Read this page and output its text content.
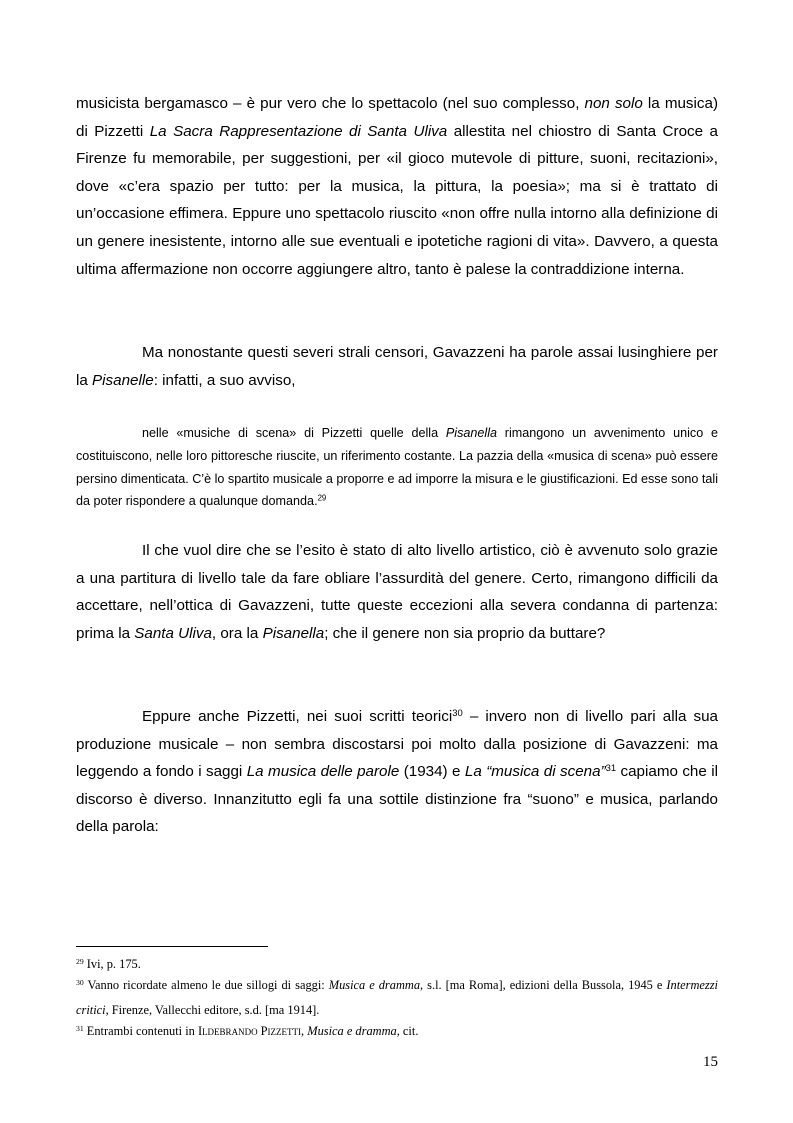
musicista bergamasco – è pur vero che lo spettacolo (nel suo complesso, non solo la musica) di Pizzetti La Sacra Rappresentazione di Santa Uliva allestita nel chiostro di Santa Croce a Firenze fu memorabile, per suggestioni, per «il gioco mutevole di pitture, suoni, recitazioni», dove «c’era spazio per tutto: per la musica, la pittura, la poesia»; ma si è trattato di un’occasione effimera. Eppure uno spettacolo riuscito «non offre nulla intorno alla definizione di un genere inesistente, intorno alle sue eventuali e ipotetiche ragioni di vita». Davvero, a questa ultima affermazione non occorre aggiungere altro, tanto è palese la contraddizione interna.

Ma nonostante questi severi strali censori, Gavazzeni ha parole assai lusinghiere per la Pisanelle: infatti, a suo avviso,

nelle «musiche di scena» di Pizzetti quelle della Pisanella rimangono un avvenimento unico e costituiscono, nelle loro pittoresche riuscite, un riferimento costante. La pazzia della «musica di scena» può essere persino dimenticata. C’è lo spartito musicale a proporre e ad imporre la misura e le giustificazioni. Ed esse sono tali da poter rispondere a qualunque domanda.$^{29}$

Il che vuol dire che se l’esito è stato di alto livello artistico, ciò è avvenuto solo grazie a una partitura di livello tale da fare obliare l’assurdità del genere. Certo, rimangono difficili da accettare, nell’ottica di Gavazzeni, tutte queste eccezioni alla severa condanna di partenza: prima la Santa Uliva, ora la Pisanella; che il genere non sia proprio da buttare?

Eppure anche Pizzetti, nei suoi scritti teorici$^{30}$ – invero non di livello pari alla sua produzione musicale – non sembra discostarsi poi molto dalla posizione di Gavazzeni: ma leggendo a fondo i saggi La musica delle parole (1934) e La “musica di scena”$^{31}$ capiamo che il discorso è diverso. Innanzitutto egli fa una sottile distinzione fra “suono” e musica, parlando della parola:

$^{29}$ Ivi, p. 175.

$^{30}$ Vanno ricordate almeno le due sillogi di saggi: Musica e dramma, s.l. [ma Roma], edizioni della Bussola, 1945 e Intermezzi critici, Firenze, Vallecchi editore, s.d. [ma 1914].

$^{31}$ Entrambi contenuti in Ildebrando Pizzetti, Musica e dramma, cit.

15
